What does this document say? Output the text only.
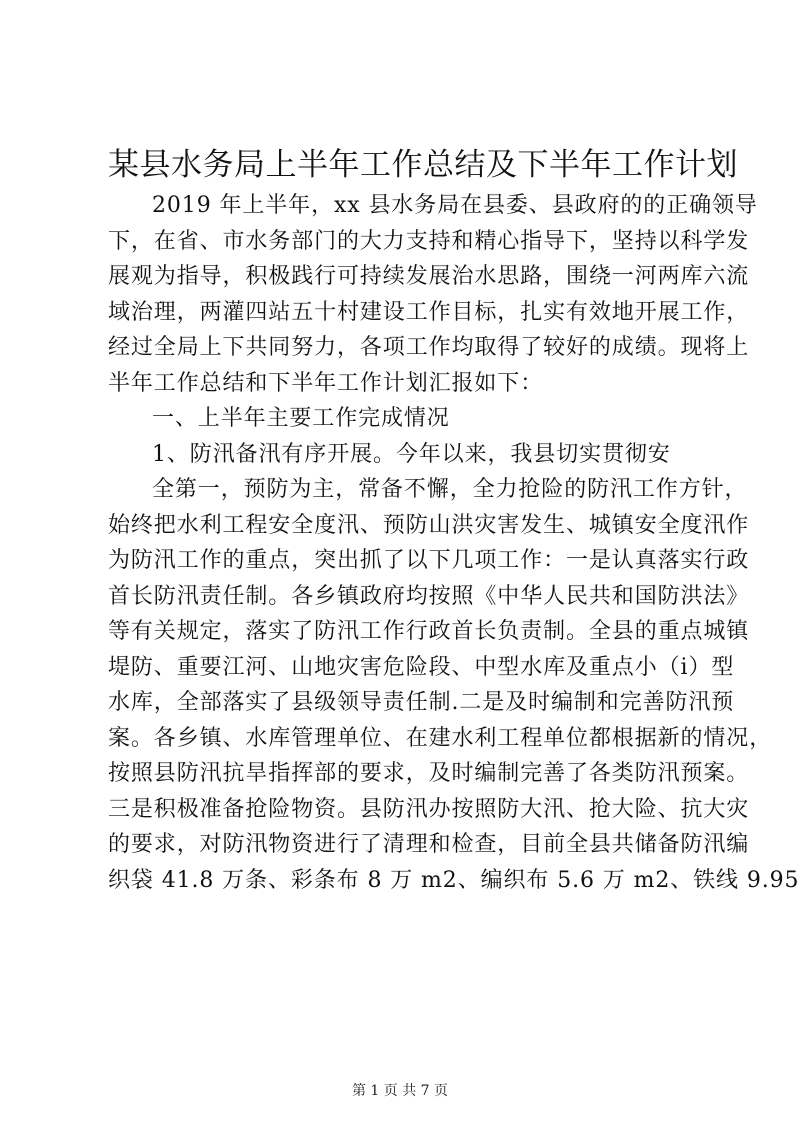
某县水务局上半年工作总结及下半年工作计划
2019 年上半年，xx 县水务局在县委、县政府的的正确领导
下，在省、市水务部门的大力支持和精心指导下，坚持以科学发
展观为指导，积极践行可持续发展治水思路，围绕一河两库六流
域治理，两灌四站五十村建设工作目标，扎实有效地开展工作，
经过全局上下共同努力，各项工作均取得了较好的成绩。现将上
半年工作总结和下半年工作计划汇报如下：
一、上半年主要工作完成情况
1、防汛备汛有序开展。今年以来，我县切实贯彻安
全第一，预防为主，常备不懈，全力抢险的防汛工作方针，
始终把水利工程安全度汛、预防山洪灾害发生、城镇安全度汛作
为防汛工作的重点，突出抓了以下几项工作：一是认真落实行政
首长防汛责任制。各乡镇政府均按照《中华人民共和国防洪法》
等有关规定，落实了防汛工作行政首长负责制。全县的重点城镇
堤防、重要江河、山地灾害危险段、中型水库及重点小（i）型
水库，全部落实了县级领导责任制.二是及时编制和完善防汛预
案。各乡镇、水库管理单位、在建水利工程单位都根据新的情况，
按照县防汛抗旱指挥部的要求，及时编制完善了各类防汛预案。
三是积极准备抢险物资。县防汛办按照防大汛、抢大险、抗大灾
的要求，对防汛物资进行了清理和检查，目前全县共储备防汛编
织袋 41.8 万条、彩条布 8 万 m2、编织布 5.6 万 m2、铁线 9.95
第 1 页 共 7 页
